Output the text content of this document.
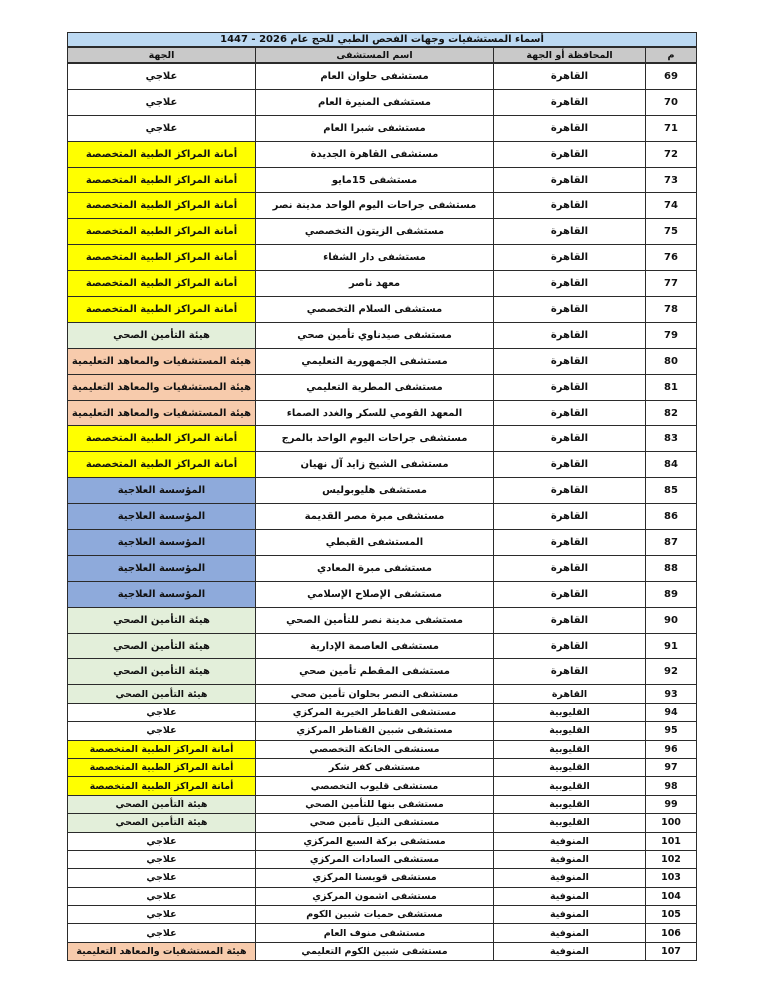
أسماء المستشفيات وجهات الفحص الطبي للحج عام 2026 - 1447			
م	المحافظة أو الجهة	اسم المستشفى	الجهة
69	القاهرة	مستشفى حلوان العام	علاجي
70	القاهرة	مستشفى المنيرة العام	علاجي
71	القاهرة	مستشفى شبرا العام	علاجي
72	القاهرة	مستشفى القاهرة الجديدة	أمانة المراكز الطبية المتخصصة
73	القاهرة	مستشفى 15مايو	أمانة المراكز الطبية المتخصصة
74	القاهرة	مستشفى جراحات اليوم الواحد مدينة نصر	أمانة المراكز الطبية المتخصصة
75	القاهرة	مستشفى الزيتون التخصصي	أمانة المراكز الطبية المتخصصة
76	القاهرة	مستشفى دار الشفاء	أمانة المراكز الطبية المتخصصة
77	القاهرة	معهد ناصر	أمانة المراكز الطبية المتخصصة
78	القاهرة	مستشفى السلام التخصصي	أمانة المراكز الطبية المتخصصة
79	القاهرة	مستشفى صيدناوي تأمين صحي	هيئة التأمين الصحي
80	القاهرة	مستشفى الجمهورية التعليمي	هيئة المستشفيات والمعاهد التعليمية
81	القاهرة	مستشفى المطرية التعليمي	هيئة المستشفيات والمعاهد التعليمية
82	القاهرة	المعهد القومي للسكر والغدد الصماء	هيئة المستشفيات والمعاهد التعليمية
83	القاهرة	مستشفى جراحات اليوم الواحد بالمرج	أمانة المراكز الطبية المتخصصة
84	القاهرة	مستشفى الشيخ زايد آل نهيان	أمانة المراكز الطبية المتخصصة
85	القاهرة	مستشفى هليوبوليس	المؤسسة العلاجية
86	القاهرة	مستشفى مبرة مصر القديمة	المؤسسة العلاجية
87	القاهرة	المستشفى القبطي	المؤسسة العلاجية
88	القاهرة	مستشفى مبرة المعادي	المؤسسة العلاجية
89	القاهرة	مستشفى الإصلاح الإسلامي	المؤسسة العلاجية
90	القاهرة	مستشفى مدينة نصر للتأمين الصحي	هيئة التأمين الصحي
91	القاهرة	مستشفى العاصمة الإدارية	هيئة التأمين الصحي
92	القاهرة	مستشفى المقطم تأمين صحي	هيئة التأمين الصحي
93	القاهرة	مستشفى النصر بحلوان تأمين صحي	هيئة التأمين الصحي
94	القليوبية	مستشفى القناطر الخيرية المركزي	علاجي
95	القليوبية	مستشفى شبين القناطر المركزي	علاجي
96	القليوبية	مستشفى الخانكة التخصصي	أمانة المراكز الطبية المتخصصة
97	القليوبية	مستشفى كفر شكر	أمانة المراكز الطبية المتخصصة
98	القليوبية	مستشفى قليوب التخصصي	أمانة المراكز الطبية المتخصصة
99	القليوبية	مستشفى بنها للتأمين الصحي	هيئة التأمين الصحي
100	القليوبية	مستشفى النيل تأمين صحي	هيئة التأمين الصحي
101	المنوفية	مستشفى بركة السبع المركزي	علاجي
102	المنوفية	مستشفى السادات المركزي	علاجي
103	المنوفية	مستشفى قويسنا المركزي	علاجي
104	المنوفية	مستشفى اشمون المركزي	علاجي
105	المنوفية	مستشفى حميات شبين الكوم	علاجي
106	المنوفية	مستشفى منوف العام	علاجي
107	المنوفية	مستشفى شبين الكوم التعليمي	هيئة المستشفيات والمعاهد التعليمية
